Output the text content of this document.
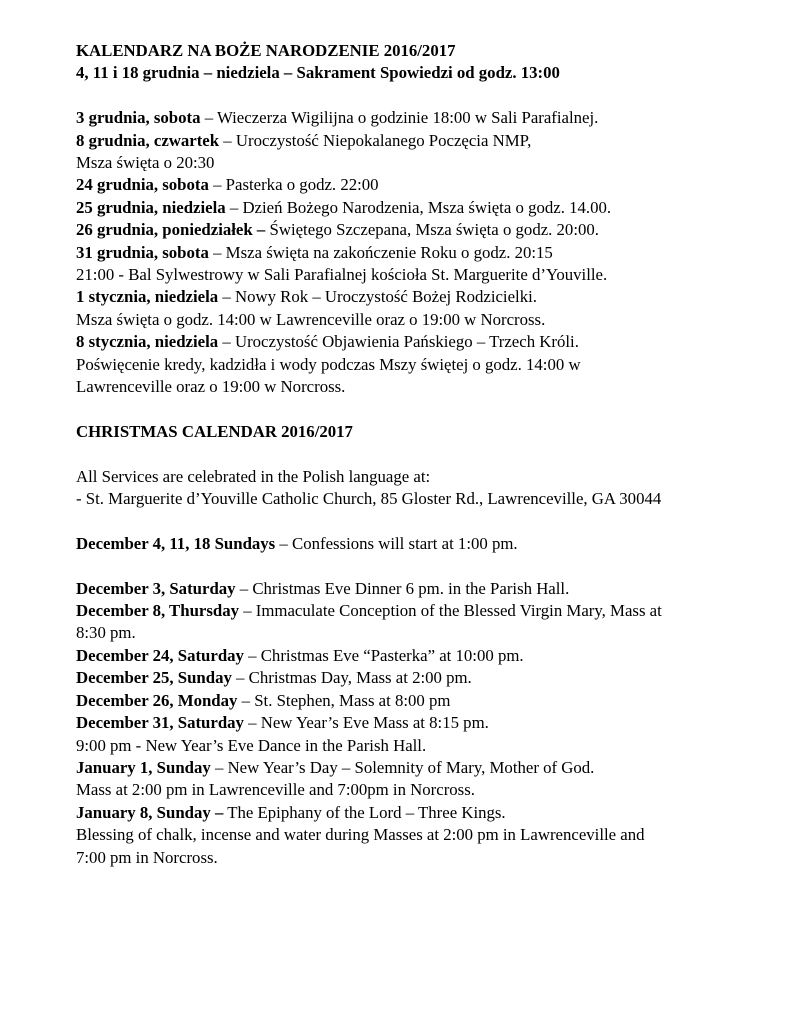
KALENDARZ NA BOŻE NARODZENIE 2016/2017

4, 11 i 18 grudnia – niedziela – Sakrament Spowiedzi od godz. 13:00

3 grudnia, sobota – Wieczerza Wigilijna o godzinie 18:00 w Sali Parafialnej.

8 grudnia, czwartek – Uroczystość Niepokalanego Poczęcia NMP,

Msza święta o 20:30

24 grudnia, sobota – Pasterka o godz. 22:00

25 grudnia, niedziela – Dzień Bożego Narodzenia, Msza święta o godz. 14.00.

26 grudnia, poniedziałek – Świętego Szczepana, Msza święta o godz. 20:00.

31 grudnia, sobota – Msza święta na zakończenie Roku o godz. 20:15

21:00 - Bal Sylwestrowy w Sali Parafialnej kościoła St. Marguerite d’Youville.

1 stycznia, niedziela – Nowy Rok – Uroczystość Bożej Rodzicielki.

Msza święta o godz. 14:00 w Lawrenceville oraz o 19:00 w Norcross.

8 stycznia, niedziela – Uroczystość Objawienia Pańskiego – Trzech Króli.

Poświęcenie kredy, kadzidła i wody podczas Mszy świętej o godz. 14:00 w

Lawrenceville oraz o 19:00 w Norcross.

CHRISTMAS CALENDAR 2016/2017

All Services are celebrated in the Polish language at:

- St. Marguerite d’Youville Catholic Church, 85 Gloster Rd., Lawrenceville, GA 30044

December 4, 11, 18 Sundays – Confessions will start at 1:00 pm.

December 3, Saturday – Christmas Eve Dinner 6 pm. in the Parish Hall.

December 8, Thursday – Immaculate Conception of the Blessed Virgin Mary, Mass at

8:30 pm.

December 24, Saturday – Christmas Eve “Pasterka” at 10:00 pm.

December 25, Sunday – Christmas Day, Mass at 2:00 pm.

December 26, Monday – St. Stephen, Mass at 8:00 pm

December 31, Saturday – New Year’s Eve Mass at 8:15 pm.

9:00 pm - New Year’s Eve Dance in the Parish Hall.

January 1, Sunday – New Year’s Day – Solemnity of Mary, Mother of God.

Mass at 2:00 pm in Lawrenceville and 7:00pm in Norcross.

January 8, Sunday – The Epiphany of the Lord – Three Kings.

Blessing of chalk, incense and water during Masses at 2:00 pm in Lawrenceville and

7:00 pm in Norcross.
